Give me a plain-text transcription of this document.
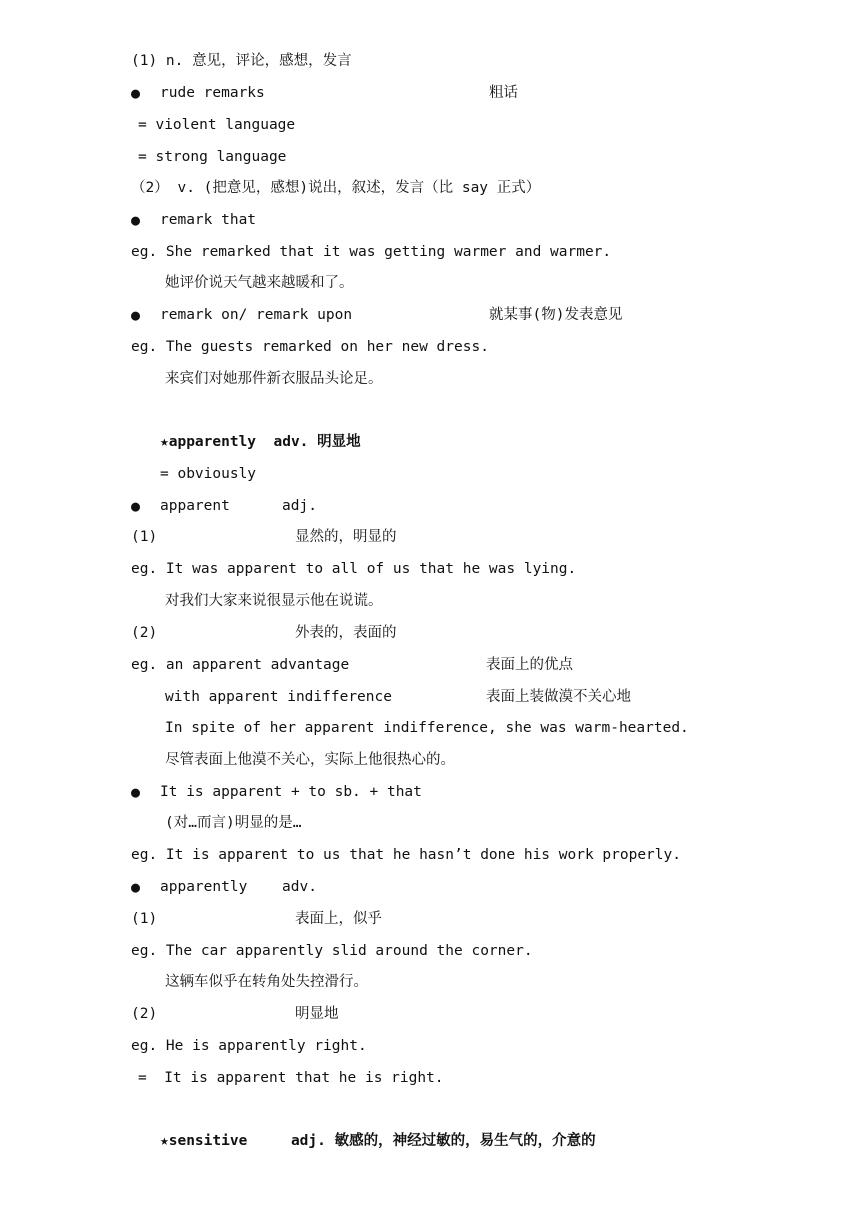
(1) n. 意见，评论，感想，发言
● rude remarks	粗话
= violent language
= strong language
（2） v. (把意见，感想)说出，叙述，发言（比 say 正式）
● remark that
eg. She remarked that it was getting warmer and warmer.
她评价说天气越来越暖和了。
● remark on/ remark upon	就某事(物)发表意见
eg. The guests remarked on her new dress.
来宾们对她那件新衣服品头论足。
★apparently  adv. 明显地
= obviously
● apparent	adj.
(1)	显然的，明显的
eg. It was apparent to all of us that he was lying.
对我们大家来说很显示他在说谎。
(2)	外表的，表面的
eg. an apparent advantage	表面上的优点
with apparent indifference	表面上装做漠不关心地
In spite of her apparent indifference, she was warm-hearted.
尽管表面上他漠不关心，实际上他很热心的。
● It is apparent + to sb. + that
(对…而言)明显的是…
eg. It is apparent to us that he hasn’t done his work properly.
● apparently adv.
(1)	表面上，似乎
eg. The car apparently slid around the corner.
这辆车似乎在转角处失控滑行。
(2)	明显地
eg. He is apparently right.
=  It is apparent that he is right.
★sensitive     adj. 敏感的，神经过敏的，易生气的，介意的
